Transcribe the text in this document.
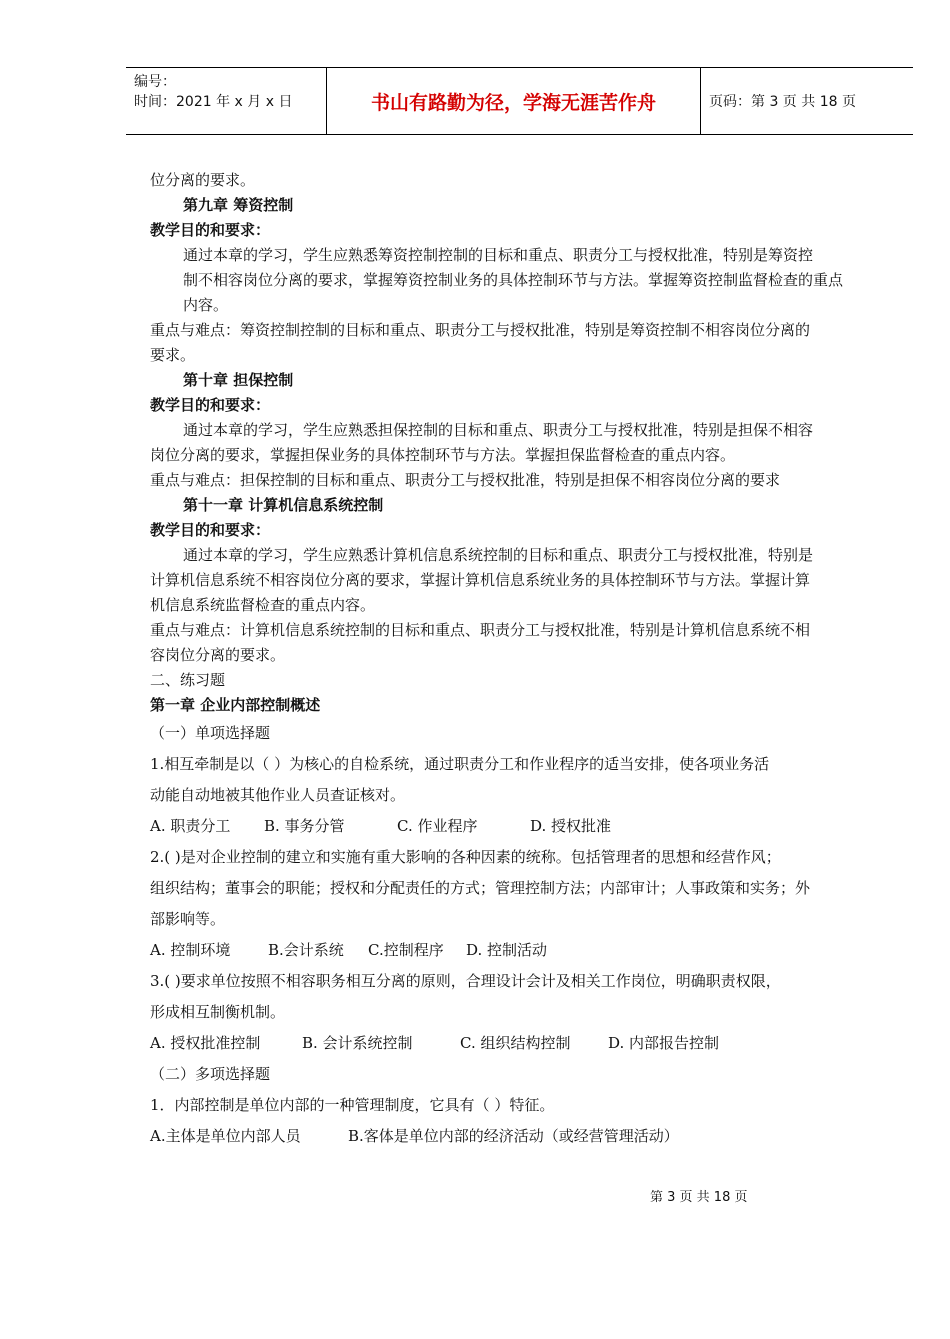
编号：
时间：2021 年 x 月 x 日	书山有路勤为径，学海无涯苦作舟	页码：第 3 页 共 18 页
位分离的要求。
第九章 筹资控制
教学目的和要求：
通过本章的学习，学生应熟悉筹资控制控制的目标和重点、职责分工与授权批准，特别是筹资控
制不相容岗位分离的要求，掌握筹资控制业务的具体控制环节与方法。掌握筹资控制监督检查的重点
内容。
重点与难点：筹资控制控制的目标和重点、职责分工与授权批准，特别是筹资控制不相容岗位分离的
要求。
第十章 担保控制
教学目的和要求：
通过本章的学习，学生应熟悉担保控制的目标和重点、职责分工与授权批准，特别是担保不相容
岗位分离的要求，掌握担保业务的具体控制环节与方法。掌握担保监督检查的重点内容。
重点与难点：担保控制的目标和重点、职责分工与授权批准，特别是担保不相容岗位分离的要求
第十一章 计算机信息系统控制
教学目的和要求：
通过本章的学习，学生应熟悉计算机信息系统控制的目标和重点、职责分工与授权批准，特别是
计算机信息系统不相容岗位分离的要求，掌握计算机信息系统业务的具体控制环节与方法。掌握计算
机信息系统监督检查的重点内容。
重点与难点：计算机信息系统控制的目标和重点、职责分工与授权批准，特别是计算机信息系统不相
容岗位分离的要求。
二、练习题
第一章 企业内部控制概述
（一）单项选择题
1.相互牵制是以（ ）为核心的自检系统，通过职责分工和作业程序的适当安排，使各项业务活
动能自动地被其他作业人员查证核对。
A. 职责分工 B. 事务分管	C. 作业程序	D. 授权批准
2.( )是对企业控制的建立和实施有重大影响的各种因素的统称。包括管理者的思想和经营作风；
组织结构；董事会的职能；授权和分配责任的方式；管理控制方法；内部审计；人事政策和实务；外
部影响等。
A. 控制环境	B.会计系统 C.控制程序 D. 控制活动
3.( )要求单位按照不相容职务相互分离的原则，合理设计会计及相关工作岗位，明确职责权限，
形成相互制衡机制。
A. 授权批准控制	B. 会计系统控制	C. 组织结构控制	D. 内部报告控制
（二）多项选择题
1．内部控制是单位内部的一种管理制度，它具有（ ）特征。
A.主体是单位内部人员	B.客体是单位内部的经济活动（或经营管理活动）
第 3 页 共 18 页
